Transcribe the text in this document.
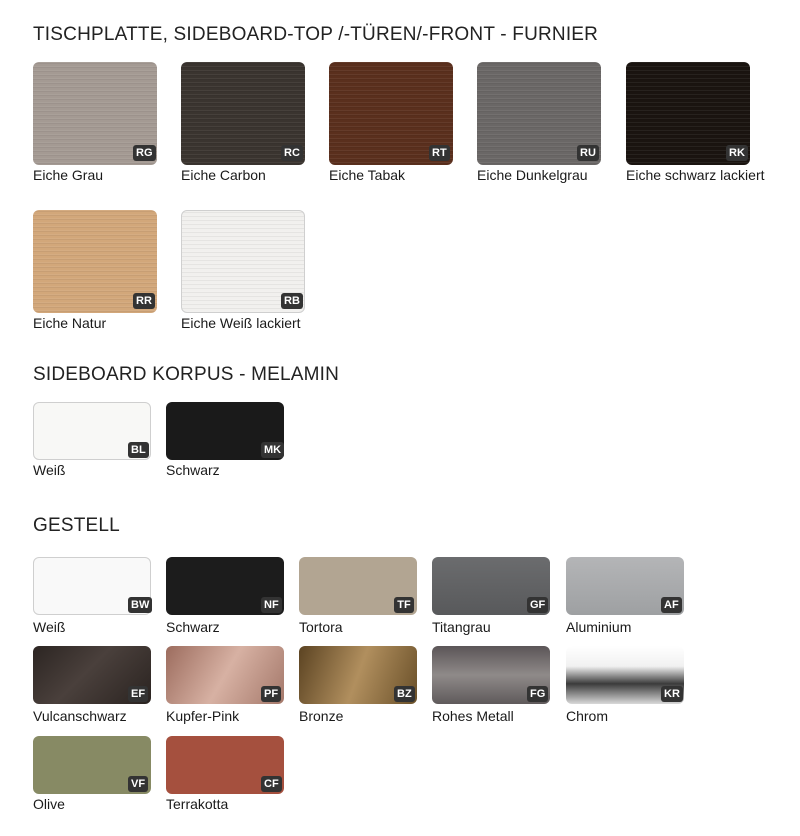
TISCHPLATTE, SIDEBOARD-TOP /-TÜREN/-FRONT - FURNIER
RG
Eiche Grau
RC
Eiche Carbon
RT
Eiche Tabak
RU
Eiche Dunkelgrau
RK
Eiche schwarz lackiert
RR
Eiche Natur
RB
Eiche Weiß lackiert
SIDEBOARD KORPUS - MELAMIN
BL
Weiß
MK
Schwarz
GESTELL
BW
Weiß
NF
Schwarz
TF
Tortora
GF
Titangrau
AF
Aluminium
EF
Vulcanschwarz
PF
Kupfer-Pink
BZ
Bronze
FG
Rohes Metall
KR
Chrom
VF
Olive
CF
Terrakotta
